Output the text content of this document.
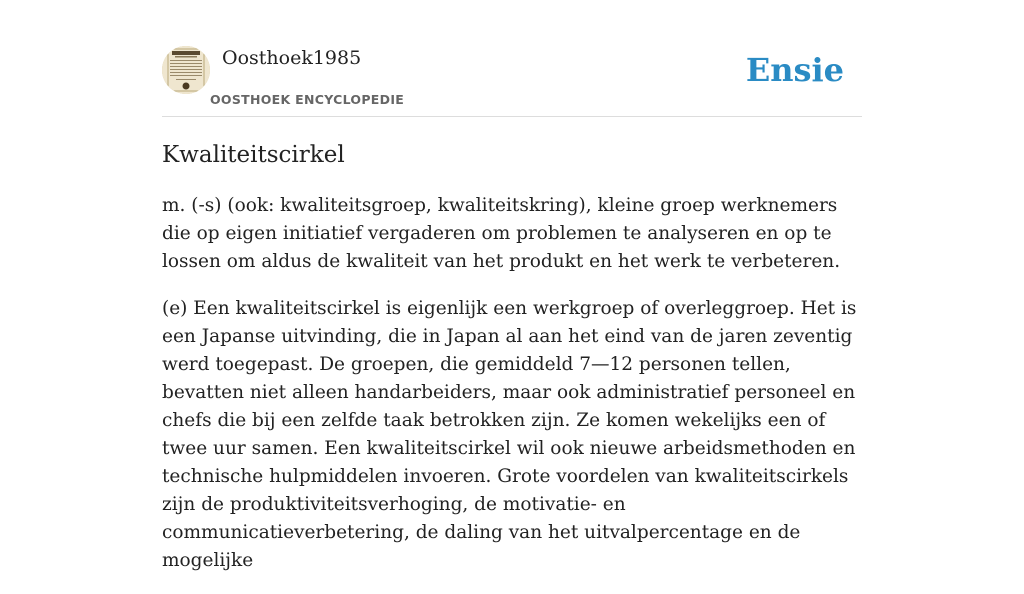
Oosthoek1985
OOSTHOEK ENCYCLOPEDIE
Ensie
Kwaliteitscirkel

m. (-s) (ook: kwaliteitsgroep, kwaliteitskring), kleine groep werknemers die op eigen initiatief vergaderen om problemen te analyseren en op te lossen om aldus de kwaliteit van het produkt en het werk te verbeteren.

(e) Een kwaliteitscirkel is eigenlijk een werkgroep of overleggroep. Het is een Japanse uitvinding, die in Japan al aan het eind van de jaren zeventig werd toegepast. De groepen, die gemiddeld 7—12 personen tellen, bevatten niet alleen handarbeiders, maar ook administratief personeel en chefs die bij een zelfde taak betrokken zijn. Ze komen wekelijks een of twee uur samen. Een kwaliteitscirkel wil ook nieuwe arbeidsmethoden en technische hulpmiddelen invoeren. Grote voordelen van kwaliteitscirkels zijn de produktiviteitsverhoging, de motivatie- en communicatieverbetering, de daling van het uitvalpercentage en de mogelijke
